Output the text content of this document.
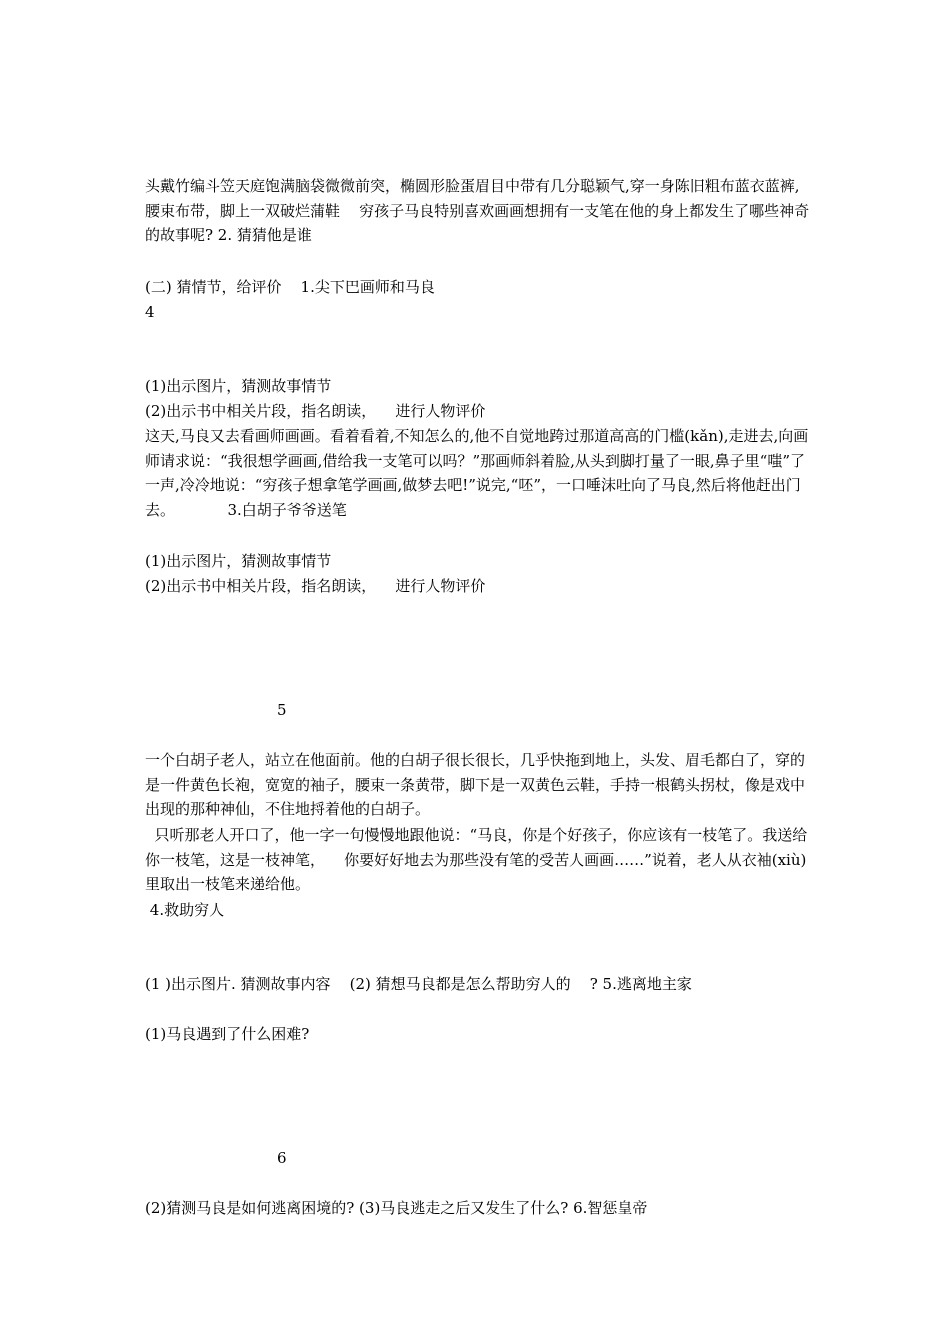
头戴竹编斗笠天庭饱满脑袋微微前突，椭圆形脸蛋眉目中带有几分聪颖气,穿一身陈旧粗布蓝衣蓝裤,腰束布带，脚上一双破烂蒲鞋    穷孩子马良特别喜欢画画想拥有一支笔在他的身上都发生了哪些神奇的故事呢? 2. 猜猜他是谁

(二) 猜情节，给评价    1.尖下巴画师和马良

4

(1)出示图片，猜测故事情节

(2)出示书中相关片段，指名朗读，    进行人物评价

这天,马良又去看画师画画。看着看着,不知怎么的,他不自觉地跨过那道高高的门槛(kǎn),走进去,向画师请求说：“我很想学画画,借给我一支笔可以吗？”那画师斜着脸,从头到脚打量了一眼,鼻子里“嗤”了一声,冷冷地说：“穷孩子想拿笔学画画,做梦去吧!”说完,“呸”，一口唾沫吐向了马良,然后将他赶出门去。           3.白胡子爷爷送笔

(1)出示图片，猜测故事情节

(2)出示书中相关片段，指名朗读，    进行人物评价

5

一个白胡子老人，站立在他面前。他的白胡子很长很长，几乎快拖到地上，头发、眉毛都白了，穿的是一件黄色长袍，宽宽的袖子，腰束一条黄带，脚下是一双黄色云鞋，手持一根鹤头拐杖，像是戏中出现的那种神仙，不住地捋着他的白胡子。

只听那老人开口了，他一字一句慢慢地跟他说：“马良，你是个好孩子，你应该有一枝笔了。我送给你一枝笔，这是一枝神笔，    你要好好地去为那些没有笔的受苦人画画……”说着，老人从衣袖(xiù)里取出一枝笔来递给他。

4.救助穷人

(1 )出示图片. 猜测故事内容    (2) 猜想马良都是怎么帮助穷人的    ? 5.逃离地主家

(1)马良遇到了什么困难?

6

(2)猜测马良是如何逃离困境的? (3)马良逃走之后又发生了什么? 6.智惩皇帝
